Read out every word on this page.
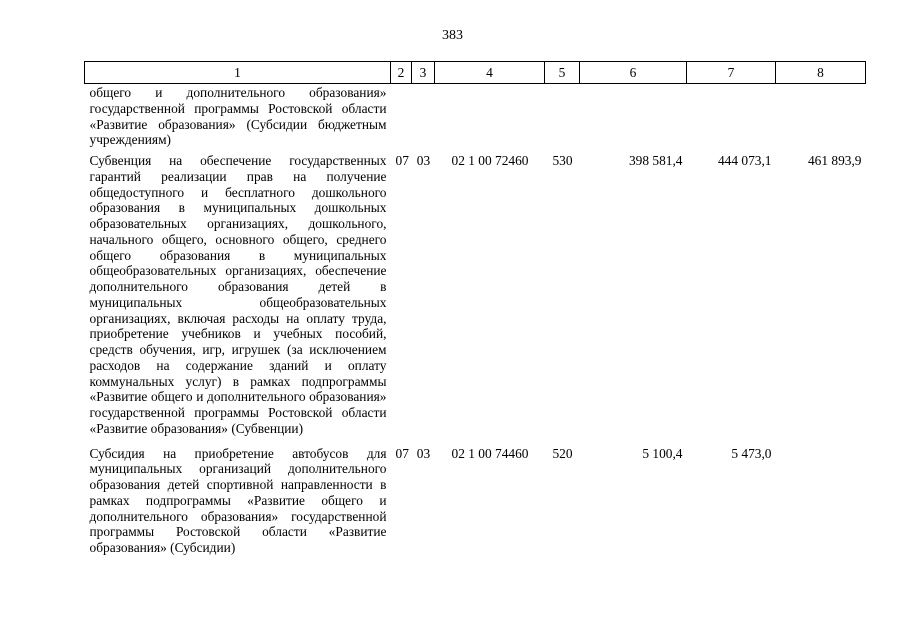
383
1	2	3	4	5	6	7	8
общего и дополнительного образования» государственной программы Ростовской области «Развитие образования» (Субсидии бюджетным учреждениям)							
Субвенция на обеспечение государственных гарантий реализации прав на получение общедоступного и бесплатного дошкольного образования в муниципальных дошкольных образовательных организациях, дошкольного, начального общего, основного общего, среднего общего образования в муниципальных общеобразовательных организациях, обеспечение дополнительного образования детей в муниципальных общеобразовательных организациях, включая расходы на оплату труда, приобретение учебников и учебных пособий, средств обучения, игр, игрушек (за исключением расходов на содержание зданий и оплату коммунальных услуг) в рамках подпрограммы «Развитие общего и дополнительного образования» государственной программы Ростовской области «Развитие образования» (Субвенции)	07	03	02 1 00 72460	530	398 581,4	444 073,1	461 893,9
Субсидия на приобретение автобусов для муниципальных организаций дополнительного образования детей спортивной направленности в рамках подпрограммы «Развитие общего и дополнительного образования» государственной программы Ростовской области «Развитие образования» (Субсидии)	07	03	02 1 00 74460	520	5 100,4	5 473,0	
